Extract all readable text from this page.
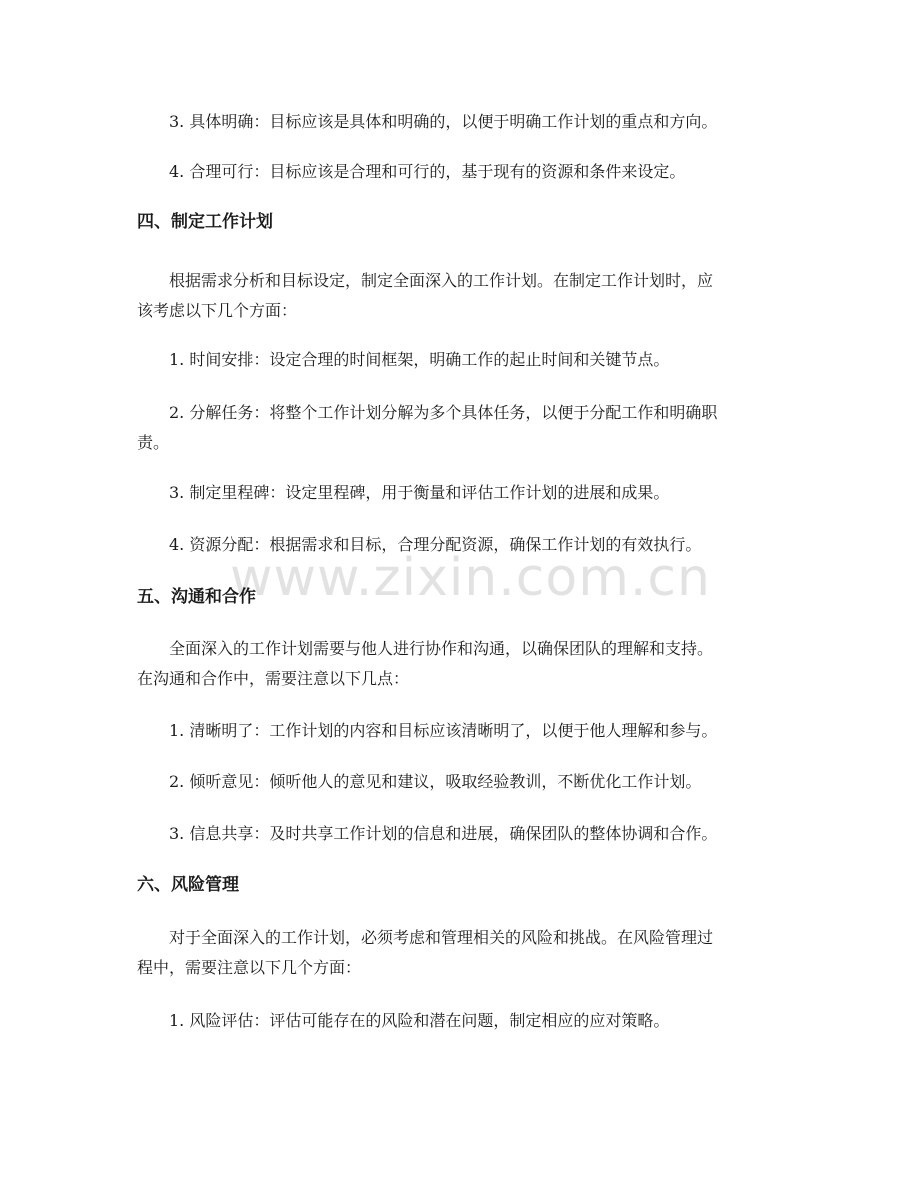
www.zixin.com.cn
3. 具体明确：目标应该是具体和明确的，以便于明确工作计划的重点和方向。
4. 合理可行：目标应该是合理和可行的，基于现有的资源和条件来设定。
四、制定工作计划
根据需求分析和目标设定，制定全面深入的工作计划。在制定工作计划时，应
该考虑以下几个方面：
1. 时间安排：设定合理的时间框架，明确工作的起止时间和关键节点。
2. 分解任务：将整个工作计划分解为多个具体任务，以便于分配工作和明确职
责。
3. 制定里程碑：设定里程碑，用于衡量和评估工作计划的进展和成果。
4. 资源分配：根据需求和目标，合理分配资源，确保工作计划的有效执行。
五、沟通和合作
全面深入的工作计划需要与他人进行协作和沟通，以确保团队的理解和支持。
在沟通和合作中，需要注意以下几点：
1. 清晰明了：工作计划的内容和目标应该清晰明了，以便于他人理解和参与。
2. 倾听意见：倾听他人的意见和建议，吸取经验教训，不断优化工作计划。
3. 信息共享：及时共享工作计划的信息和进展，确保团队的整体协调和合作。
六、风险管理
对于全面深入的工作计划，必须考虑和管理相关的风险和挑战。在风险管理过
程中，需要注意以下几个方面：
1. 风险评估：评估可能存在的风险和潜在问题，制定相应的应对策略。
